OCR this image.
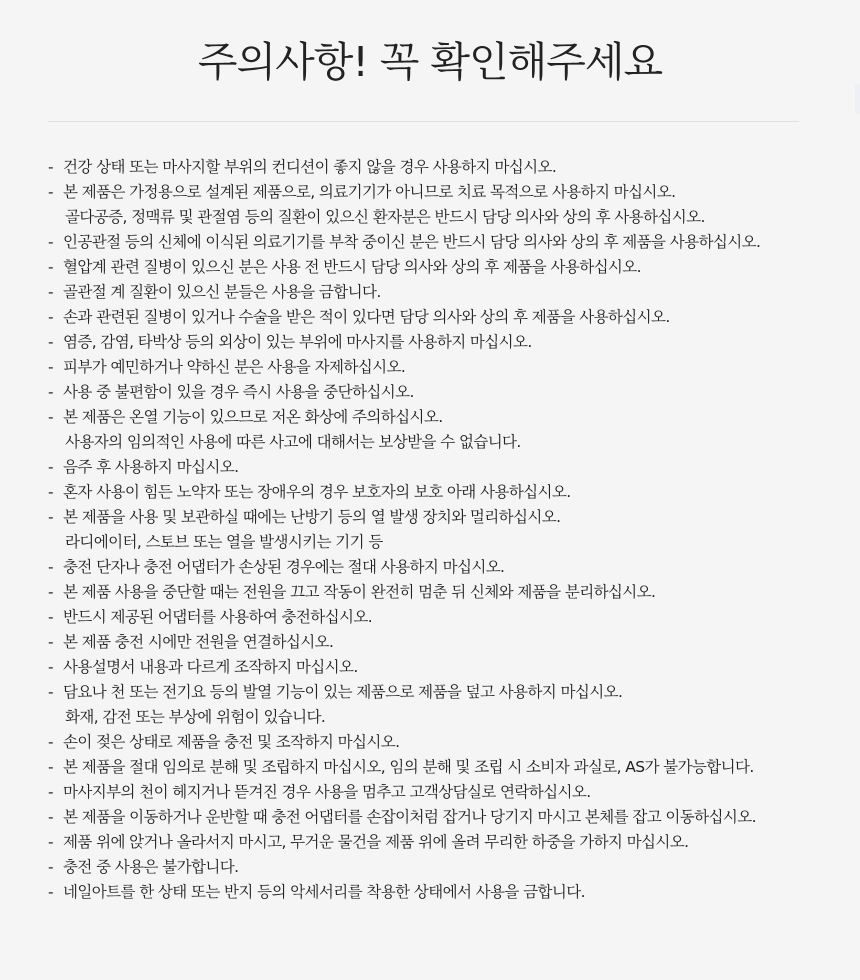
주의사항! 꼭 확인해주세요
- 건강 상태 또는 마사지할 부위의 컨디션이 좋지 않을 경우 사용하지 마십시오.
- 본 제품은 가정용으로 설계된 제품으로, 의료기기가 아니므로 치료 목적으로 사용하지 마십시오.
골다공증, 정맥류 및 관절염 등의 질환이 있으신 환자분은 반드시 담당 의사와 상의 후 사용하십시오.
- 인공관절 등의 신체에 이식된 의료기기를 부착 중이신 분은 반드시 담당 의사와 상의 후 제품을 사용하십시오.
- 혈압계 관련 질병이 있으신 분은 사용 전 반드시 담당 의사와 상의 후 제품을 사용하십시오.
- 골관절 계 질환이 있으신 분들은 사용을 금합니다.
- 손과 관련된 질병이 있거나 수술을 받은 적이 있다면 담당 의사와 상의 후 제품을 사용하십시오.
- 염증, 감염, 타박상 등의 외상이 있는 부위에 마사지를 사용하지 마십시오.
- 피부가 예민하거나 약하신 분은 사용을 자제하십시오.
- 사용 중 불편함이 있을 경우 즉시 사용을 중단하십시오.
- 본 제품은 온열 기능이 있으므로 저온 화상에 주의하십시오.
사용자의 임의적인 사용에 따른 사고에 대해서는 보상받을 수 없습니다.
- 음주 후 사용하지 마십시오.
- 혼자 사용이 힘든 노약자 또는 장애우의 경우 보호자의 보호 아래 사용하십시오.
- 본 제품을 사용 및 보관하실 때에는 난방기 등의 열 발생 장치와 멀리하십시오.
라디에이터, 스토브 또는 열을 발생시키는 기기 등
- 충전 단자나 충전 어댑터가 손상된 경우에는 절대 사용하지 마십시오.
- 본 제품 사용을 중단할 때는 전원을 끄고 작동이 완전히 멈춘 뒤 신체와 제품을 분리하십시오.
- 반드시 제공된 어댑터를 사용하여 충전하십시오.
- 본 제품 충전 시에만 전원을 연결하십시오.
- 사용설명서 내용과 다르게 조작하지 마십시오.
- 담요나 천 또는 전기요 등의 발열 기능이 있는 제품으로 제품을 덮고 사용하지 마십시오.
화재, 감전 또는 부상에 위험이 있습니다.
- 손이 젖은 상태로 제품을 충전 및 조작하지 마십시오.
- 본 제품을 절대 임의로 분해 및 조립하지 마십시오, 임의 분해 및 조립 시 소비자 과실로, AS가 불가능합니다.
- 마사지부의 천이 헤지거나 뜯겨진 경우 사용을 멈추고 고객상담실로 연락하십시오.
- 본 제품을 이동하거나 운반할 때 충전 어댑터를 손잡이처럼 잡거나 당기지 마시고 본체를 잡고 이동하십시오.
- 제품 위에 앉거나 올라서지 마시고, 무거운 물건을 제품 위에 올려 무리한 하중을 가하지 마십시오.
- 충전 중 사용은 불가합니다.
- 네일아트를 한 상태 또는 반지 등의 악세서리를 착용한 상태에서 사용을 금합니다.
